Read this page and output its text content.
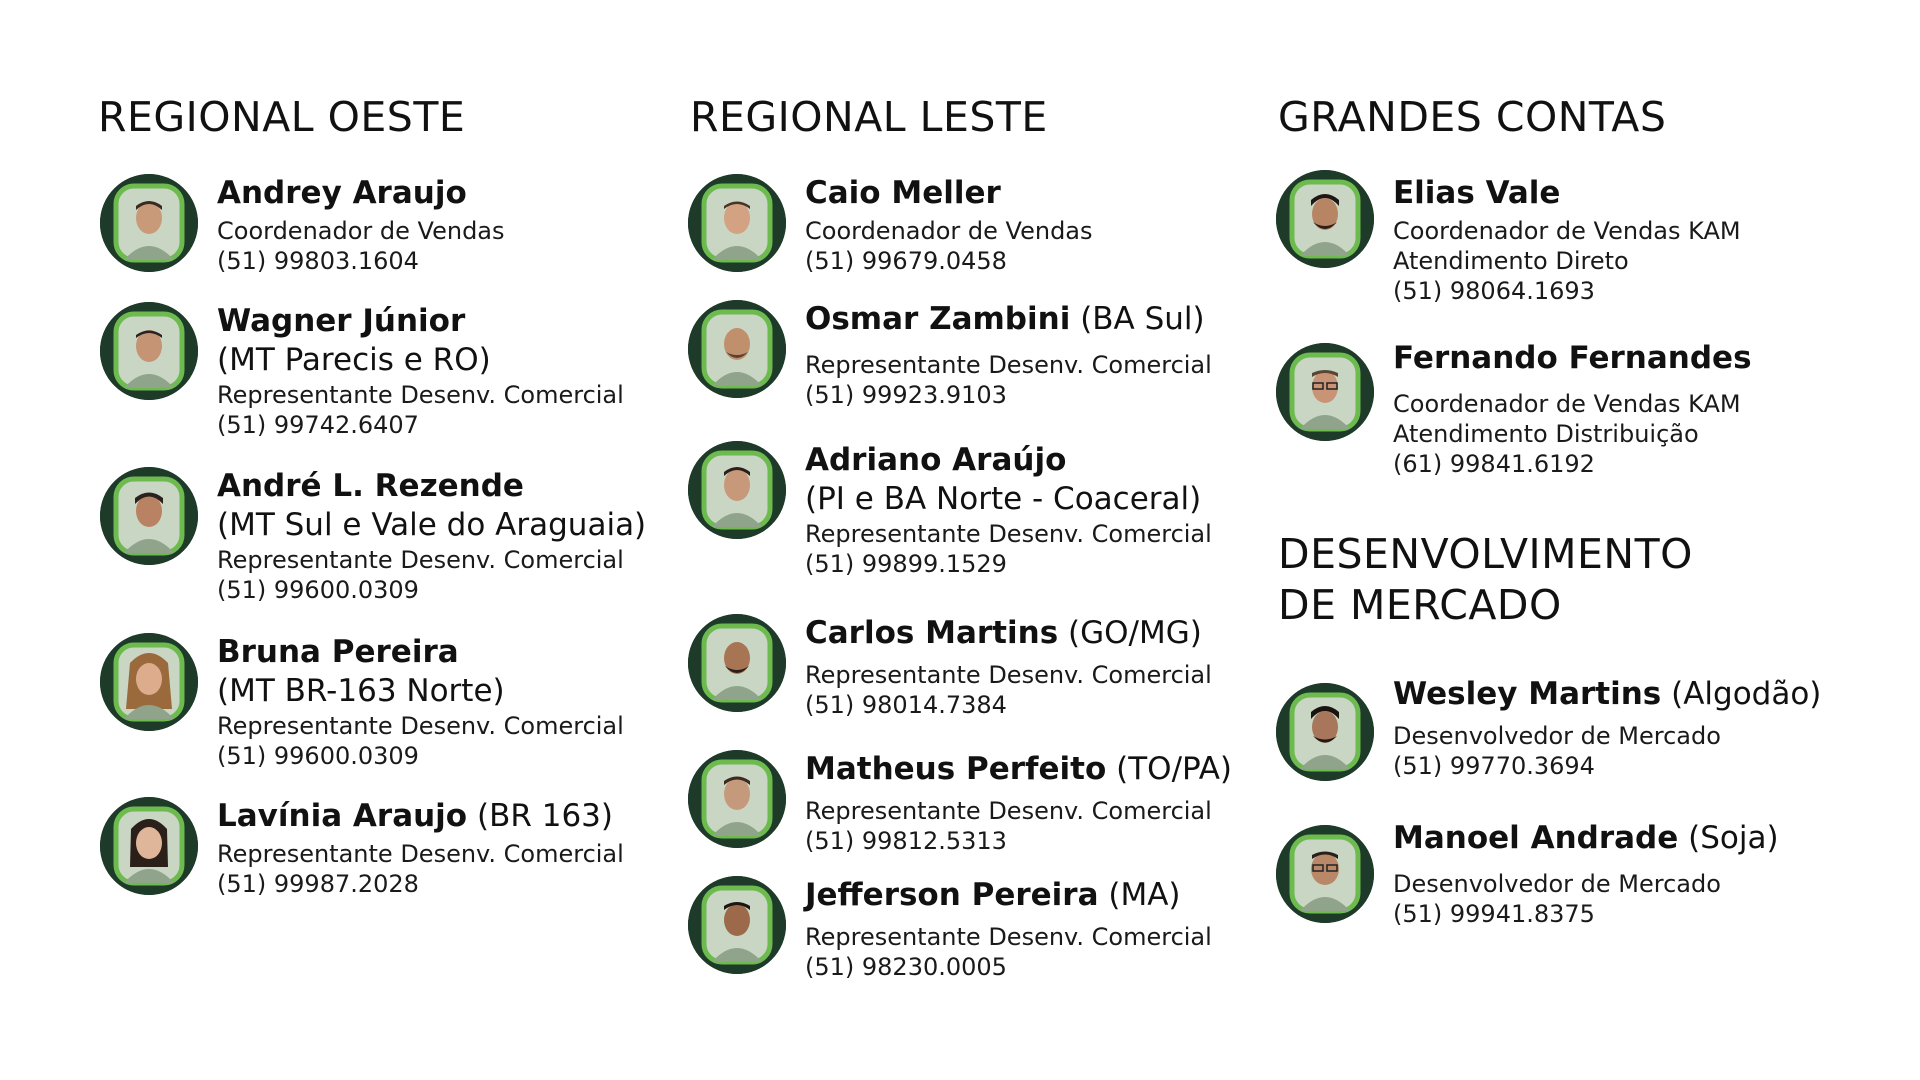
REGIONAL OESTE	REGIONAL LESTE	GRANDES CONTAS
DESENVOLVIMENTO
DE MERCADO
Andrey Araujo
Coordenador de Vendas
(51) 99803.1604
Wagner Júnior
(MT Parecis e RO)
Representante Desenv. Comercial
(51) 99742.6407
André L. Rezende
(MT Sul e Vale do Araguaia)
Representante Desenv. Comercial
(51) 99600.0309
Bruna Pereira
(MT BR-163 Norte)
Representante Desenv. Comercial
(51) 99600.0309
Lavínia Araujo (BR 163)
Representante Desenv. Comercial
(51) 99987.2028
Caio Meller
Coordenador de Vendas
(51) 99679.0458
Osmar Zambini (BA Sul)
Representante Desenv. Comercial
(51) 99923.9103
Adriano Araújo
(PI e BA Norte - Coaceral)
Representante Desenv. Comercial
(51) 99899.1529
Carlos Martins (GO/MG)
Representante Desenv. Comercial
(51) 98014.7384
Matheus Perfeito (TO/PA)
Representante Desenv. Comercial
(51) 99812.5313
Jefferson Pereira (MA)
Representante Desenv. Comercial
(51) 98230.0005
Elias Vale
Coordenador de Vendas KAM
Atendimento Direto
(51) 98064.1693
Fernando Fernandes
Coordenador de Vendas KAM
Atendimento Distribuição
(61) 99841.6192
Wesley Martins (Algodão)
Desenvolvedor de Mercado
(51) 99770.3694
Manoel Andrade (Soja)
Desenvolvedor de Mercado
(51) 99941.8375
